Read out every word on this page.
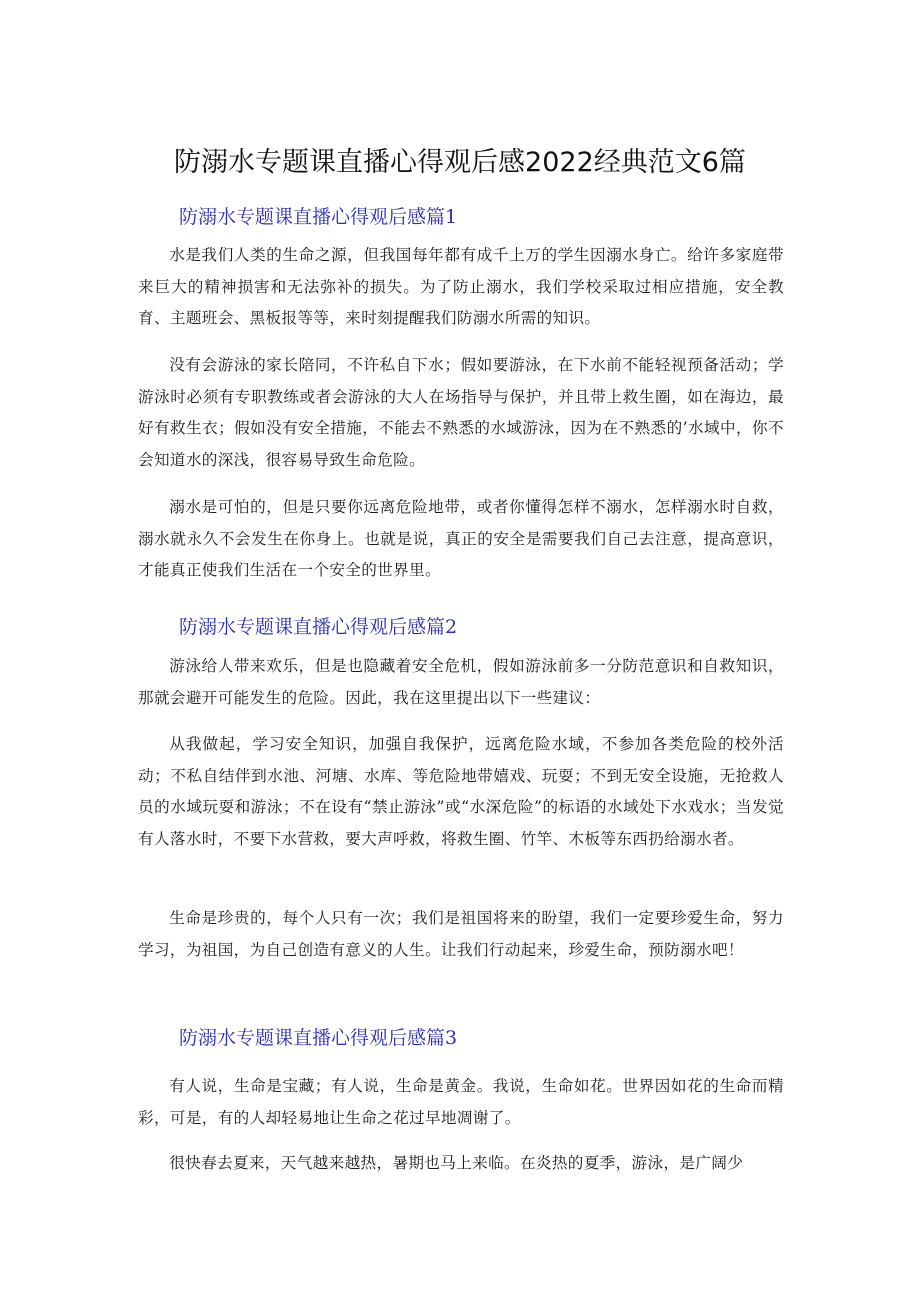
防溺水专题课直播心得观后感2022经典范文6篇
防溺水专题课直播心得观后感篇1

水是我们人类的生命之源，但我国每年都有成千上万的学生因溺水身亡。给许多家庭带来巨大的精神损害和无法弥补的损失。为了防止溺水，我们学校采取过相应措施，安全教育、主题班会、黑板报等等，来时刻提醒我们防溺水所需的知识。

没有会游泳的家长陪同，不许私自下水；假如要游泳，在下水前不能轻视预备活动；学游泳时必须有专职教练或者会游泳的大人在场指导与保护，并且带上救生圈，如在海边，最好有救生衣；假如没有安全措施，不能去不熟悉的水域游泳，因为在不熟悉的’水域中，你不会知道水的深浅，很容易导致生命危险。

溺水是可怕的，但是只要你远离危险地带，或者你懂得怎样不溺水，怎样溺水时自救，溺水就永久不会发生在你身上。也就是说，真正的安全是需要我们自己去注意，提高意识，才能真正使我们生活在一个安全的世界里。

防溺水专题课直播心得观后感篇2

游泳给人带来欢乐，但是也隐藏着安全危机，假如游泳前多一分防范意识和自救知识，那就会避开可能发生的危险。因此，我在这里提出以下一些建议：

从我做起，学习安全知识，加强自我保护，远离危险水域，不参加各类危险的校外活动；不私自结伴到水池、河塘、水库、等危险地带嬉戏、玩耍；不到无安全设施，无抢救人员的水域玩耍和游泳；不在设有“禁止游泳”或“水深危险”的标语的水域处下水戏水；当发觉有人落水时，不要下水营救，要大声呼救，将救生圈、竹竿、木板等东西扔给溺水者。

生命是珍贵的，每个人只有一次；我们是祖国将来的盼望，我们一定要珍爱生命，努力学习，为祖国，为自己创造有意义的人生。让我们行动起来，珍爱生命，预防溺水吧！

防溺水专题课直播心得观后感篇3

有人说，生命是宝藏；有人说，生命是黄金。我说，生命如花。世界因如花的生命而精彩，可是，有的人却轻易地让生命之花过早地凋谢了。

很快春去夏来，天气越来越热，暑期也马上来临。在炎热的夏季，游泳，是广阔少
